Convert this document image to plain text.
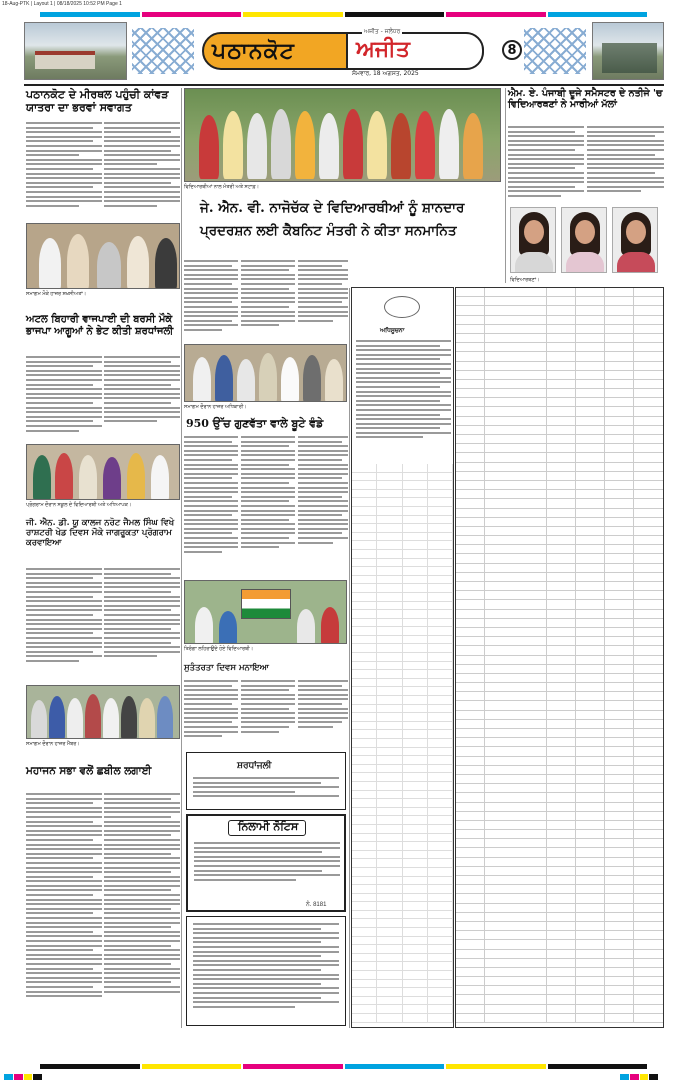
18-Aug-PTK | Layout 1 | 08/18/2025 10:52 PM Page 1
ਪਠਾਨਕੋਟ
ਅਜੀਤ - ਜਲੰਧਰ
ਅਜੀਤ
ਸੋਮਵਾਰ, 18 ਅਗਸਤ, 2025
8
ਪਠਾਨਕੋਟ ਦੇ ਮੀਰਥਲ ਪਹੁੰਚੀ ਕਾਂਵੜ ਯਾਤਰਾ ਦਾ ਭਰਵਾਂ ਸਵਾਗਤ
ਸਮਾਗਮ ਮੌਕੇ ਹਾਜ਼ਰ ਸ਼ਖ਼ਸੀਅਤਾਂ।
ਅਟਲ ਬਿਹਾਰੀ ਵਾਜਪਾਈ ਦੀ ਬਰਸੀ ਮੌਕੇ ਭਾਜਪਾ ਆਗੂਆਂ ਨੇ ਭੇਟ ਕੀਤੀ ਸ਼ਰਧਾਂਜਲੀ
ਪ੍ਰੋਗਰਾਮ ਦੌਰਾਨ ਸਕੂਲ ਦੇ ਵਿਦਿਆਰਥੀ ਅਤੇ ਅਧਿਆਪਕ।
ਜੀ. ਐਨ. ਡੀ. ਯੂ ਕਾਲਜ ਨਰੋਟ ਜੈਮਲ ਸਿੰਘ ਵਿਖੇ ਰਾਸ਼ਟਰੀ ਖੇਡ ਦਿਵਸ ਮੌਕੇ ਜਾਗਰੂਕਤਾ ਪ੍ਰੋਗਰਾਮ ਕਰਵਾਇਆ
ਸਮਾਗਮ ਦੌਰਾਨ ਹਾਜ਼ਰ ਮੈਂਬਰ।
ਮਹਾਜਨ ਸਭਾ ਵਲੋਂ ਛਬੀਲ ਲਗਾਈ
ਵਿਦਿਆਰਥੀਆਂ ਨਾਲ ਮੰਤਰੀ ਅਤੇ ਸਟਾਫ਼।
ਐਮ. ਏ. ਪੰਜਾਬੀ ਦੂਜੇ ਸਮੈਸਟਰ ਦੇ ਨਤੀਜੇ 'ਚ ਵਿਦਿਆਰਥਣਾਂ ਨੇ ਮਾਰੀਆਂ ਮੱਲਾਂ
ਜੇ. ਐਨ. ਵੀ. ਨਾਜੋਚੱਕ ਦੇ ਵਿਦਿਆਰਥੀਆਂ ਨੂੰ ਸ਼ਾਨਦਾਰ ਪ੍ਰਦਰਸ਼ਨ ਲਈ ਕੈਬਨਿਟ ਮੰਤਰੀ ਨੇ ਕੀਤਾ ਸਨਮਾਨਿਤ
ਵਿਦਿਆਰਥਣਾਂ।
ਸਮਾਗਮ ਦੌਰਾਨ ਹਾਜ਼ਰ ਅਧਿਕਾਰੀ।
950 ਉੱਚ ਗੁਣਵੱਤਾ ਵਾਲੇ ਬੂਟੇ ਵੰਡੇ
ਤਿਰੰਗਾ ਲਹਿਰਾਉਂਦੇ ਹੋਏ ਵਿਦਿਆਰਥੀ।
ਸੁਤੰਤਰਤਾ ਦਿਵਸ ਮਨਾਇਆ
ਸ਼ਰਧਾਂਜਲੀ
ਨਿਲਾਮੀ ਨੋਟਿਸ
ਨੰ. 8181
ਅਧਿਸੂਚਨਾ
